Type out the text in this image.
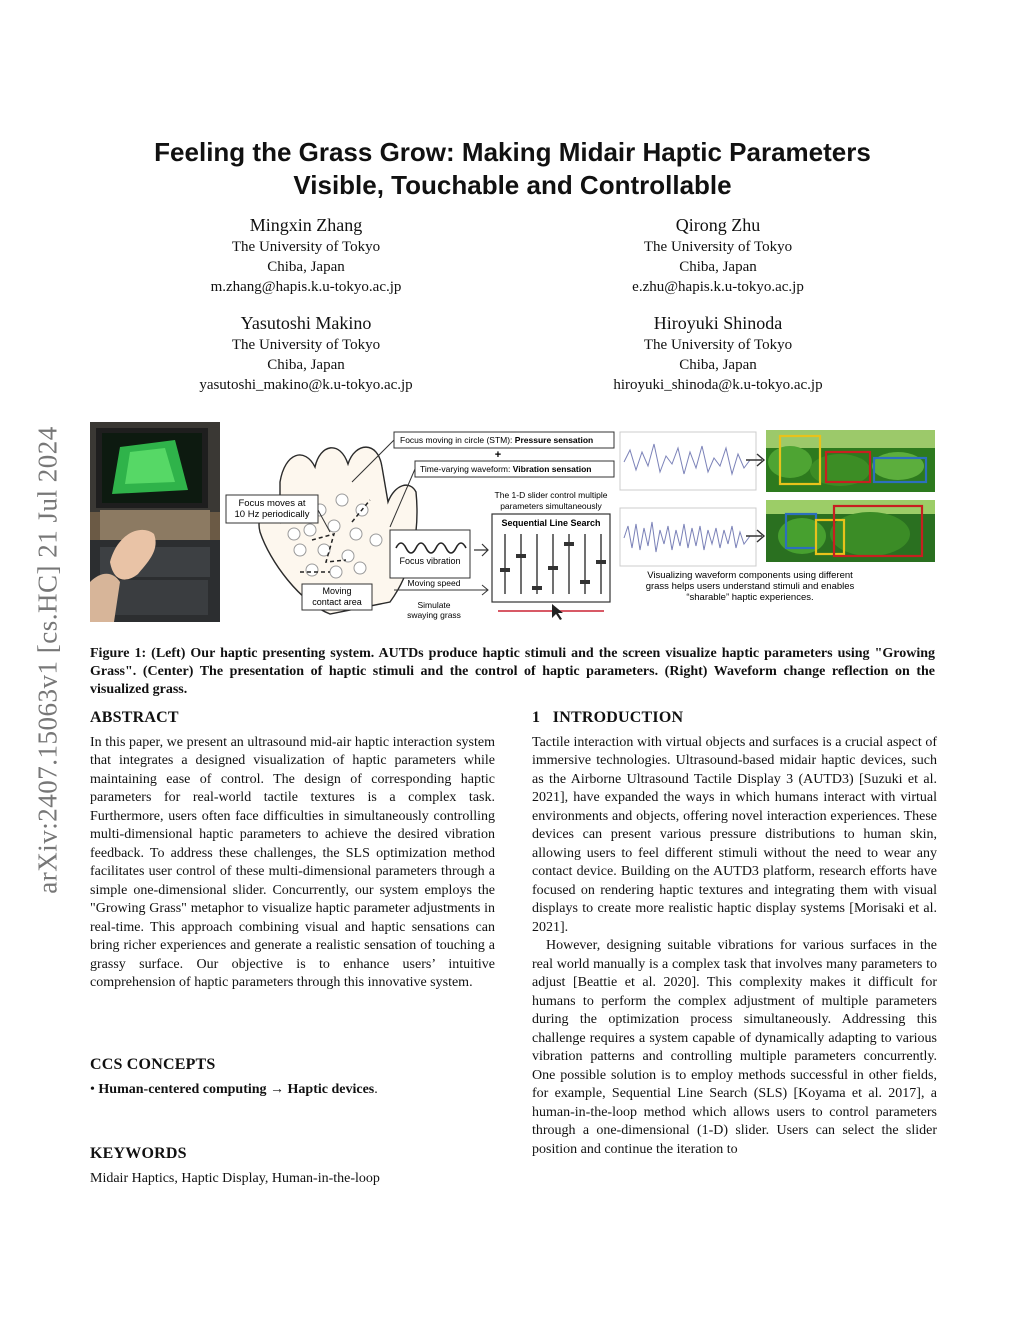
arXiv:2407.15063v1 [cs.HC] 21 Jul 2024
Feeling the Grass Grow: Making Midair Haptic Parameters
Visible, Touchable and Controllable
Mingxin Zhang
The University of Tokyo
Chiba, Japan
m.zhang@hapis.k.u-tokyo.ac.jp
Qirong Zhu
The University of Tokyo
Chiba, Japan
e.zhu@hapis.k.u-tokyo.ac.jp
Yasutoshi Makino
The University of Tokyo
Chiba, Japan
yasutoshi_makino@k.u-tokyo.ac.jp
Hiroyuki Shinoda
The University of Tokyo
Chiba, Japan
hiroyuki_shinoda@k.u-tokyo.ac.jp
Focus moves at
10 Hz periodically
Focus moving in circle (STM): Pressure sensation
+
Time-varying waveform: Vibration sensation
The 1-D slider control multiple
parameters simultaneously
Focus vibration
Moving
contact area
Moving speed
Simulate
swaying grass
Sequential Line Search
Visualizing waveform components using different
grass helps users understand stimuli and enables
“sharable” haptic experiences.
Figure 1: (Left) Our haptic presenting system. AUTDs produce haptic stimuli and the screen visualize haptic parameters using "Growing Grass". (Center) The presentation of haptic stimuli and the control of haptic parameters. (Right) Waveform change reflection on the visualized grass.
ABSTRACT

In this paper, we present an ultrasound mid-air haptic interaction system that integrates a designed visualization of haptic parameters while maintaining ease of control. The design of corresponding haptic parameters for real-world tactile textures is a complex task. Furthermore, users often face difficulties in simultaneously controlling multi-dimensional haptic parameters to achieve the desired vibration feedback. To address these challenges, the SLS optimization method facilitates user control of these multi-dimensional parameters through a simple one-dimensional slider. Concurrently, our system employs the "Growing Grass" metaphor to visualize haptic parameter adjustments in real-time. This approach combining visual and haptic sensations can bring richer experiences and generate a realistic sensation of touching a grassy surface. Our objective is to enhance users’ intuitive comprehension of haptic parameters through this innovative system.

CCS CONCEPTS

• Human-centered computing → Haptic devices.

KEYWORDS

Midair Haptics, Haptic Display, Human-in-the-loop

1   INTRODUCTION

Tactile interaction with virtual objects and surfaces is a crucial aspect of immersive technologies. Ultrasound-based midair haptic devices, such as the Airborne Ultrasound Tactile Display 3 (AUTD3) [Suzuki et al. 2021], have expanded the ways in which humans interact with virtual environments and objects, offering novel interaction experiences. These devices can present various pressure distributions to human skin, allowing users to feel different stimuli without the need to wear any contact device. Building on the AUTD3 platform, research efforts have focused on rendering haptic textures and integrating them with visual displays to create more realistic haptic display systems [Morisaki et al. 2021].

However, designing suitable vibrations for various surfaces in the real world manually is a complex task that involves many parameters to adjust [Beattie et al. 2020]. This complexity makes it difficult for humans to perform the complex adjustment of multiple parameters during the optimization process simultaneously. Addressing this challenge requires a system capable of dynamically adapting to various vibration patterns and controlling multiple parameters concurrently. One possible solution is to employ methods successful in other fields, for example, Sequential Line Search (SLS) [Koyama et al. 2017], a human-in-the-loop method which allows users to control parameters through a one-dimensional (1-D) slider. Users can select the slider position and continue the iteration to
